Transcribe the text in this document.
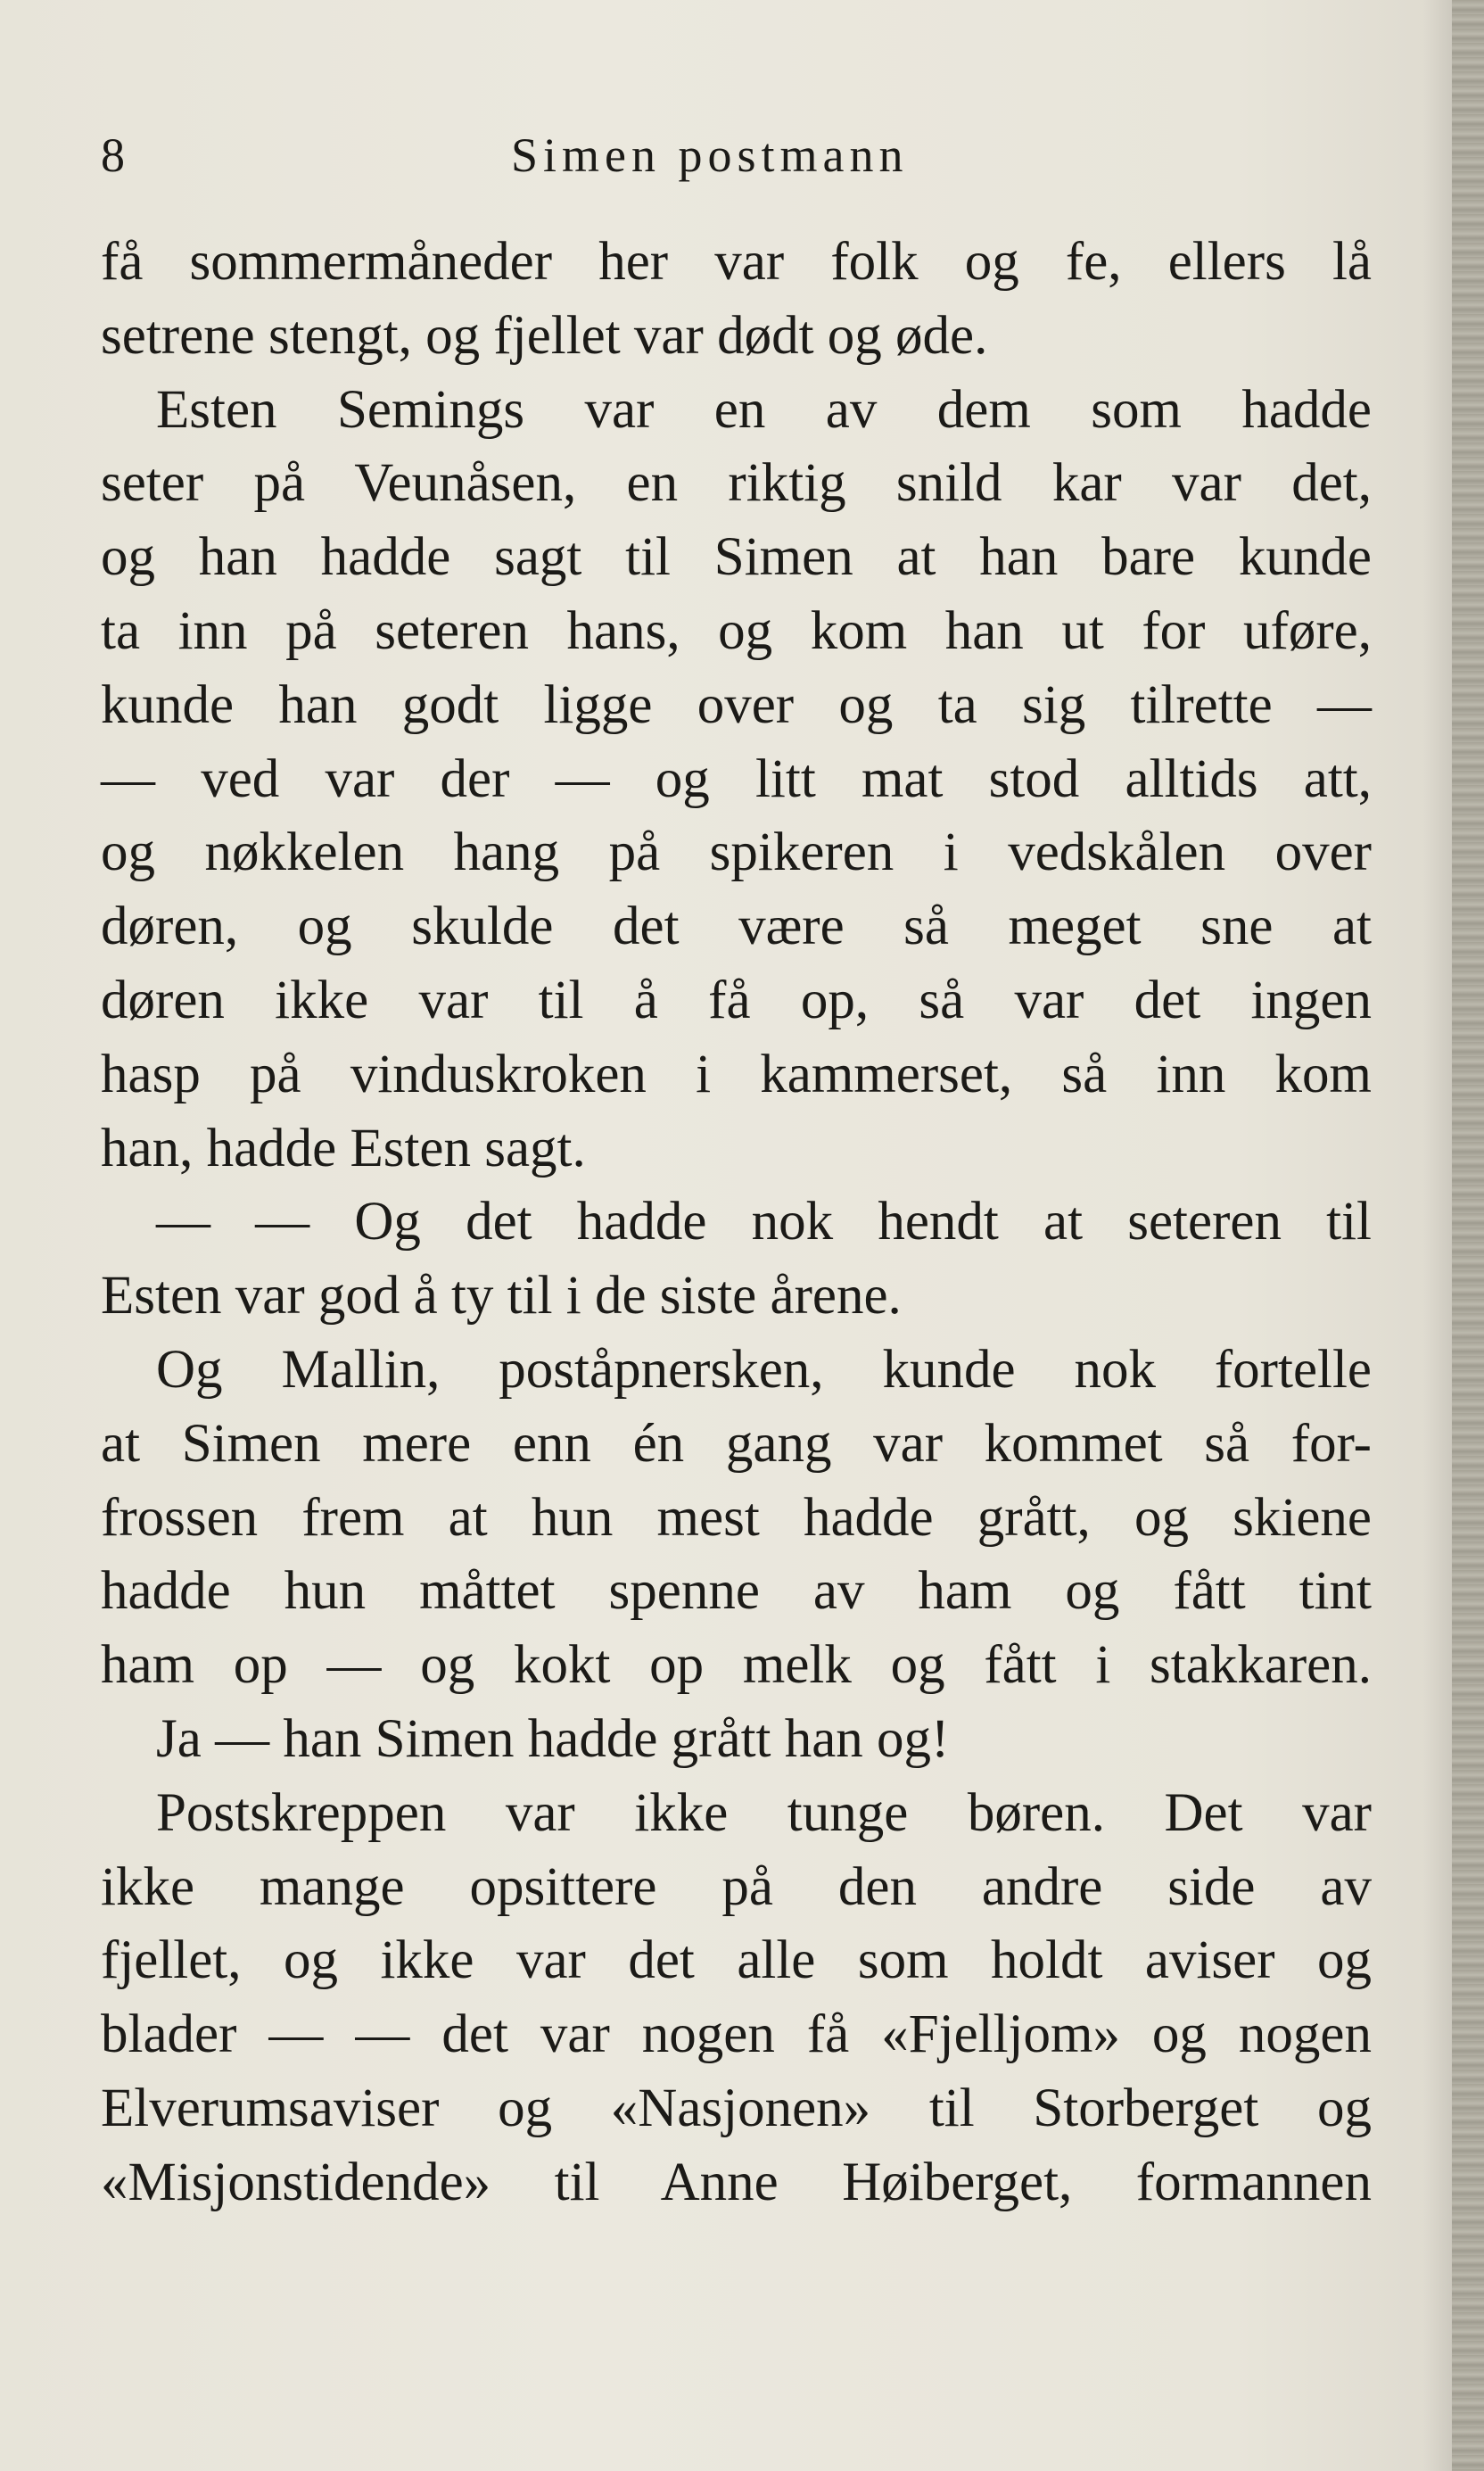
8	Simen postmann
få sommermåneder her var folk og fe, ellers lå
setrene stengt, og fjellet var dødt og øde.
Esten Semings var en av dem som hadde
seter på Veunåsen, en riktig snild kar var det,
og han hadde sagt til Simen at han bare kunde
ta inn på seteren hans, og kom han ut for uføre,
kunde han godt ligge over og ta sig tilrette —
— ved var der — og litt mat stod alltids att,
og nøkkelen hang på spikeren i vedskålen over
døren, og skulde det være så meget sne at
døren ikke var til å få op, så var det ingen
hasp på vinduskroken i kammerset, så inn kom
han, hadde Esten sagt.
— — Og det hadde nok hendt at seteren til
Esten var god å ty til i de siste årene.
Og Mallin, poståpnersken, kunde nok fortelle
at Simen mere enn én gang var kommet så for-
frossen frem at hun mest hadde grått, og skiene
hadde hun måttet spenne av ham og fått tint
ham op — og kokt op melk og fått i stakkaren.
Ja — han Simen hadde grått han og!
Postskreppen var ikke tunge børen. Det var
ikke mange opsittere på den andre side av
fjellet, og ikke var det alle som holdt aviser og
blader — — det var nogen få «Fjelljom» og nogen
Elverumsaviser og «Nasjonen» til Storberget og
«Misjonstidende» til Anne Høiberget, formannen
